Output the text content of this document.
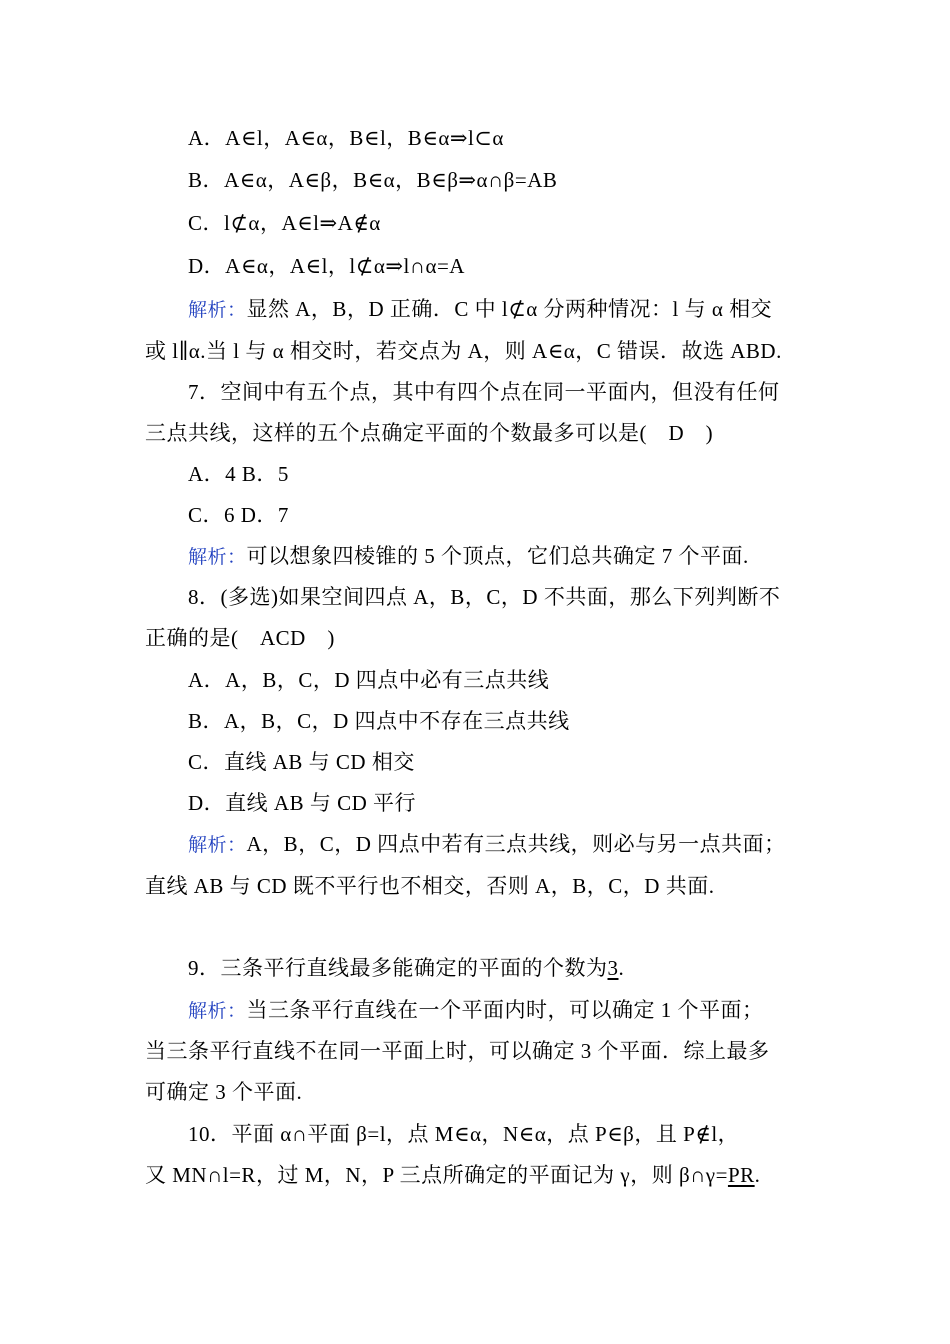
A．A∈l，A∈α，B∈l，B∈α⇒l⊂α
B．A∈α，A∈β，B∈α，B∈β⇒α∩β=AB
C．l⊄α，A∈l⇒A∉α
D．A∈α，A∈l，l⊄α⇒l∩α=A
解析：显然 A，B，D 正确．C 中 l⊄α 分两种情况：l 与 α 相交
或 l∥α.当 l 与 α 相交时，若交点为 A，则 A∈α，C 错误．故选 ABD.
7．空间中有五个点，其中有四个点在同一平面内，但没有任何
三点共线，这样的五个点确定平面的个数最多可以是(　D　)
A．4 B．5
C．6 D．7
解析：可以想象四棱锥的 5 个顶点，它们总共确定 7 个平面.
8．(多选)如果空间四点 A，B，C，D 不共面，那么下列判断不
正确的是(　ACD　)
A．A，B，C，D 四点中必有三点共线
B．A，B，C，D 四点中不存在三点共线
C．直线 AB 与 CD 相交
D．直线 AB 与 CD 平行
解析：A，B，C，D 四点中若有三点共线，则必与另一点共面；
直线 AB 与 CD 既不平行也不相交，否则 A，B，C，D 共面.
9．三条平行直线最多能确定的平面的个数为3.
解析：当三条平行直线在一个平面内时，可以确定 1 个平面；
当三条平行直线不在同一平面上时，可以确定 3 个平面．综上最多
可确定 3 个平面.
10．平面 α∩平面 β=l，点 M∈α，N∈α，点 P∈β，且 P∉l，
又 MN∩l=R，过 M，N，P 三点所确定的平面记为 γ，则 β∩γ=PR.
